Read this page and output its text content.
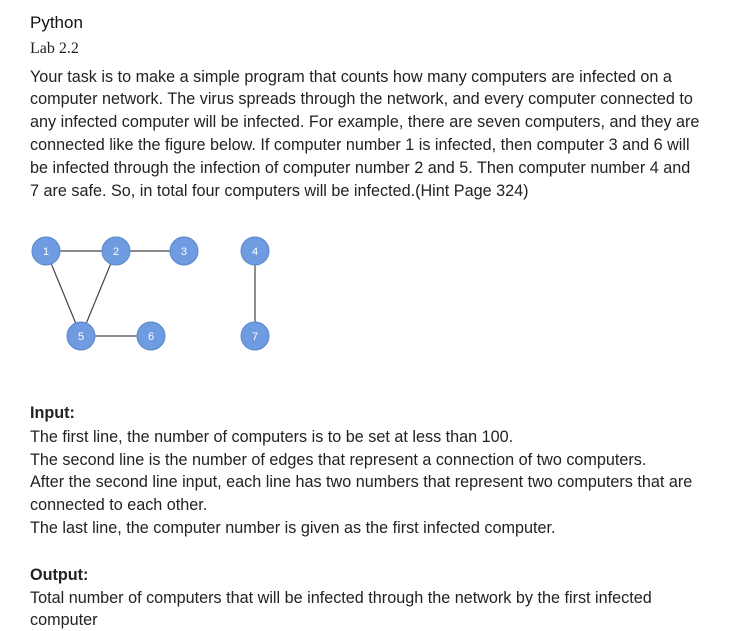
Python
Lab 2.2
Your task is to make a simple program that counts how many computers are infected on a
computer network. The virus spreads through the network, and every computer connected to
any infected computer will be infected. For example, there are seven computers, and they are
connected like the figure below. If computer number 1 is infected, then computer 3 and 6 will
be infected through the infection of computer number 2 and 5. Then computer number 4 and
7 are safe. So, in total four computers will be infected.(Hint Page 324)
1	2	3	4
5	6	7
Input:
The first line, the number of computers is to be set at less than 100.
The second line is the number of edges that represent a connection of two computers.
After the second line input, each line has two numbers that represent two computers that are
connected to each other.
The last line, the computer number is given as the first infected computer.
Output:
Total number of computers that will be infected through the network by the first infected
computer
